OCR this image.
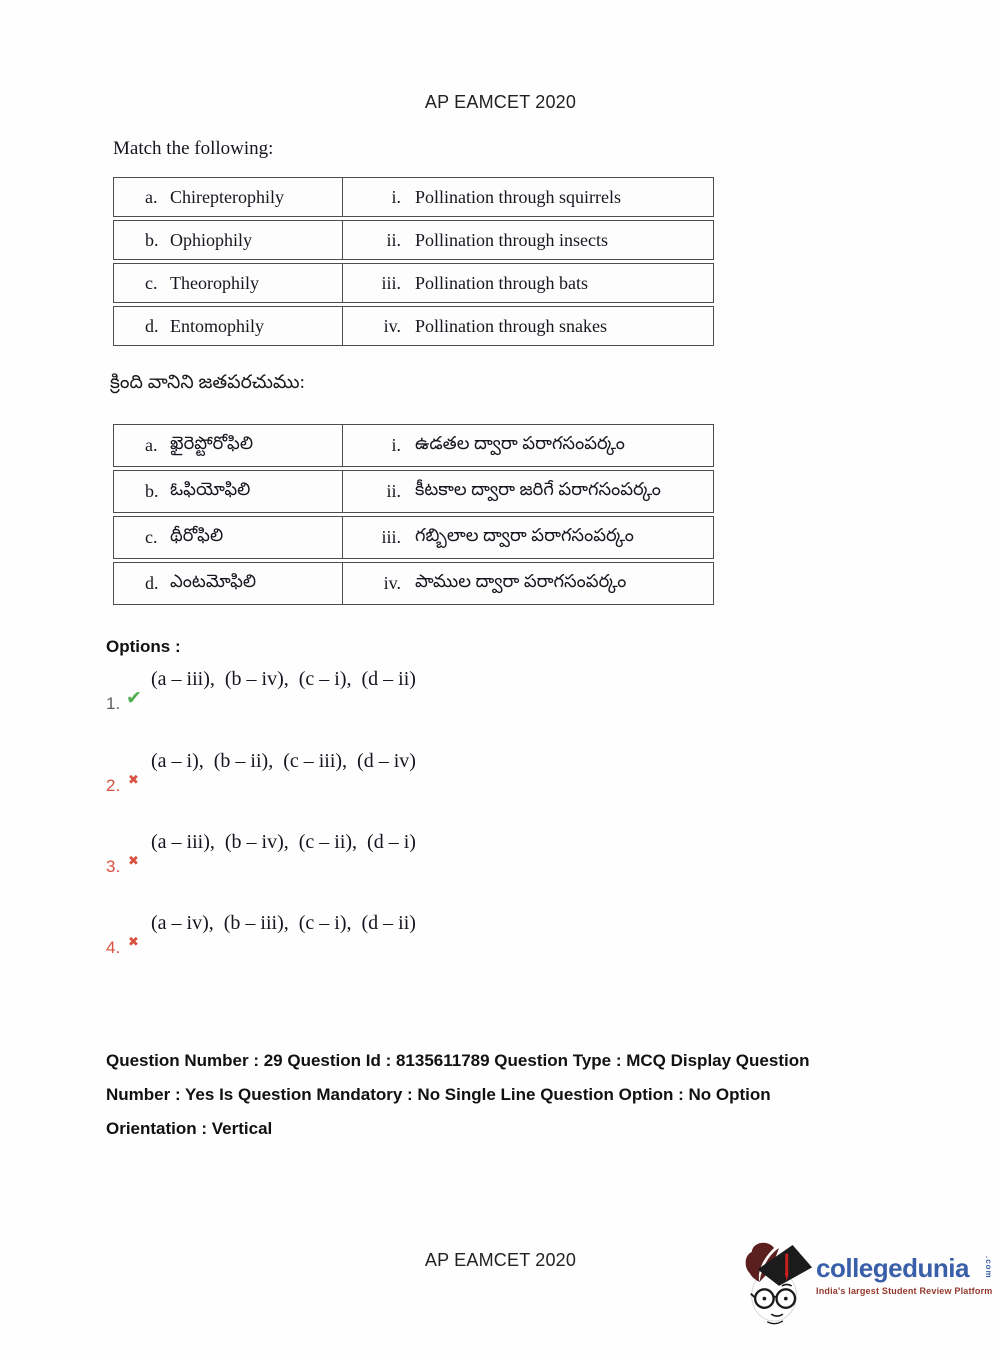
AP EAMCET 2020
Match the following:
a. Chirepterophily	i. Pollination through squirrels
b. Ophiophily	ii. Pollination through insects
c. Theorophily	iii. Pollination through bats
d. Entomophily	iv. Pollination through snakes
క్రింది వానిని జతపరచుము:
a. ఖైరెప్టోరోఫిలి	i. ఉడతల ద్వారా పరాగసంపర్కం
b. ఓఫియోఫిలి	ii. కీటకాల ద్వారా జరిగే పరాగసంపర్కం
c. థీరోఫిలి	iii. గబ్బిలాల ద్వారా పరాగసంపర్కం
d. ఎంటమోఫిలి	iv. పాముల ద్వారా పరాగసంపర్కం
Options :
1. ✔
(a – iii),  (b – iv),  (c – i),  (d – ii)
2. ✖
(a – i),  (b – ii),  (c – iii),  (d – iv)
3. ✖
(a – iii),  (b – iv),  (c – ii),  (d – i)
4. ✖
(a – iv),  (b – iii),  (c – i),  (d – ii)
Question Number : 29 Question Id : 8135611789 Question Type : MCQ Display Question
Number : Yes Is Question Mandatory : No Single Line Question Option : No Option
Orientation : Vertical
AP EAMCET 2020	collegedunia	.com
India's largest Student Review Platform
